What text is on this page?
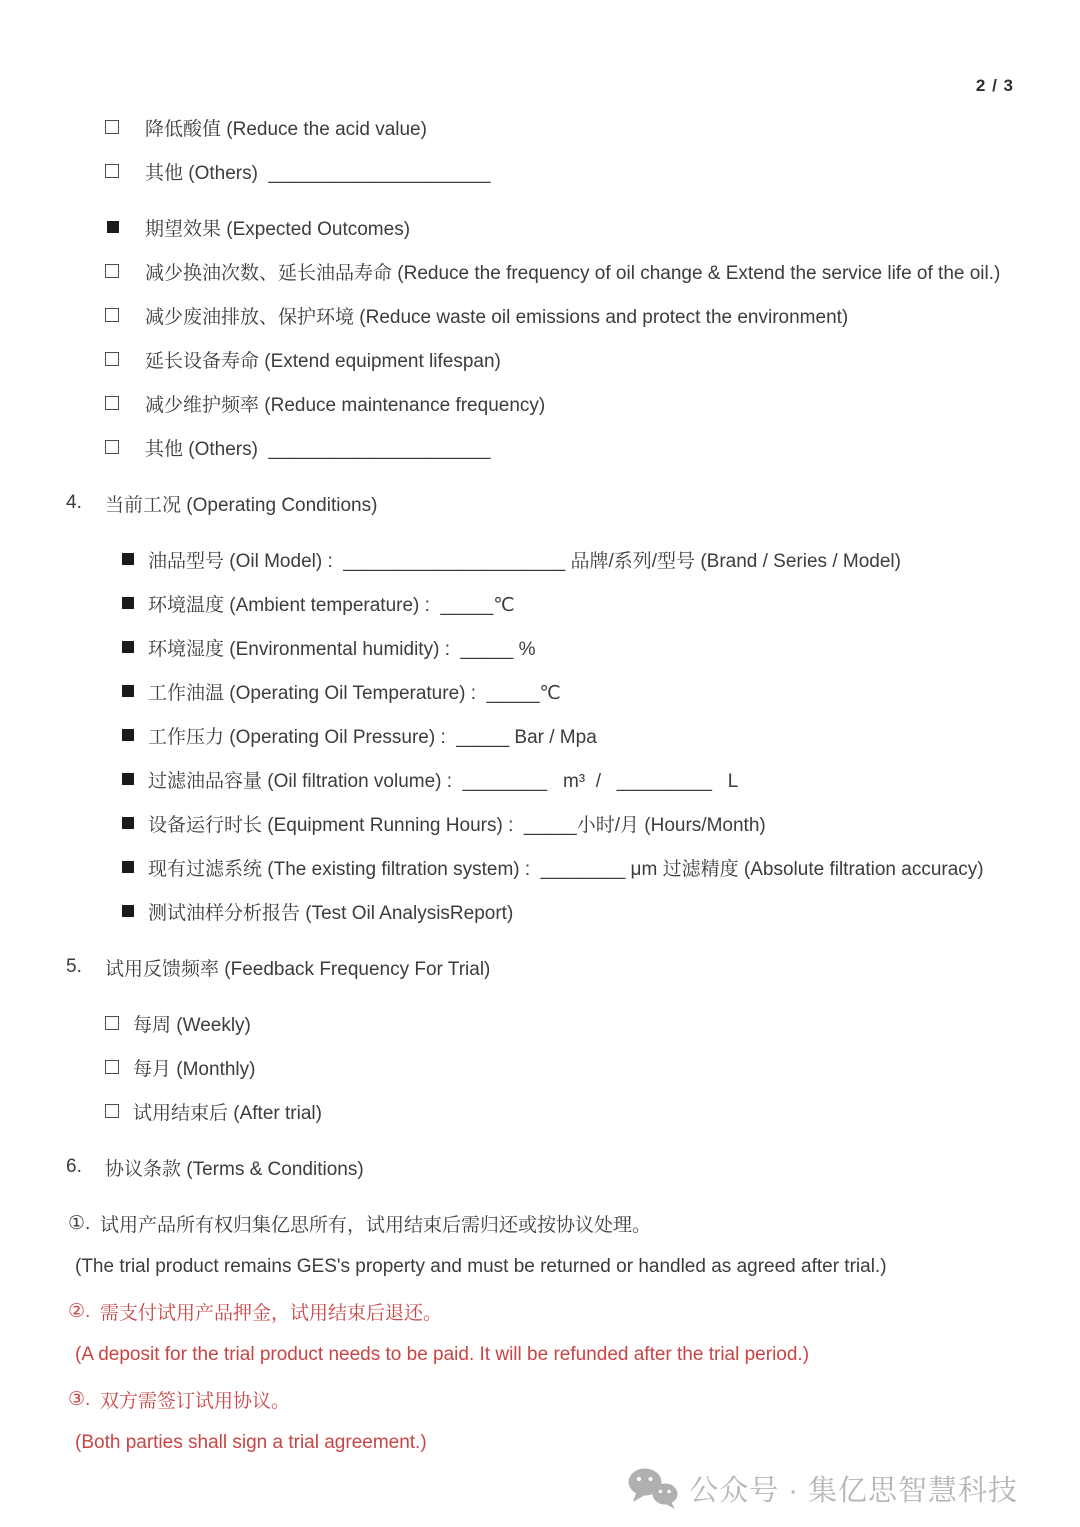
2 / 3
降低酸值 (Reduce the acid value)
其他 (Others)  _____________________
期望效果 (Expected Outcomes)
减少换油次数、延长油品寿命 (Reduce the frequency of oil change & Extend the service life of the oil.)
减少废油排放、保护环境 (Reduce waste oil emissions and protect the environment)
延长设备寿命 (Extend equipment lifespan)
减少维护频率 (Reduce maintenance frequency)
其他 (Others)  _____________________
4.	当前工况 (Operating Conditions)
油品型号 (Oil Model) :  _____________________ 品牌/系列/型号 (Brand / Series / Model)
环境温度 (Ambient temperature) :  _____℃
环境湿度 (Environmental humidity) :  _____ %
工作油温 (Operating Oil Temperature) :  _____℃
工作压力 (Operating Oil Pressure) :  _____ Bar / Mpa
过滤油品容量 (Oil filtration volume) :  ________   m³  /   _________   L
设备运行时长 (Equipment Running Hours) :  _____小时/月 (Hours/Month)
现有过滤系统 (The existing filtration system) :  ________ μm 过滤精度 (Absolute filtration accuracy)
测试油样分析报告 (Test Oil AnalysisReport)
5.	试用反馈频率 (Feedback Frequency For Trial)
每周 (Weekly)
每月 (Monthly)
试用结束后 (After trial)
6.	协议条款 (Terms & Conditions)
①. 试用产品所有权归集亿思所有，试用结束后需归还或按协议处理。
(The trial product remains GES's property and must be returned or handled as agreed after trial.)
②. 需支付试用产品押金，试用结束后退还。
(A deposit for the trial product needs to be paid. It will be refunded after the trial period.)
③. 双方需签订试用协议。
(Both parties shall sign a trial agreement.)
公众号 · 集亿思智慧科技
